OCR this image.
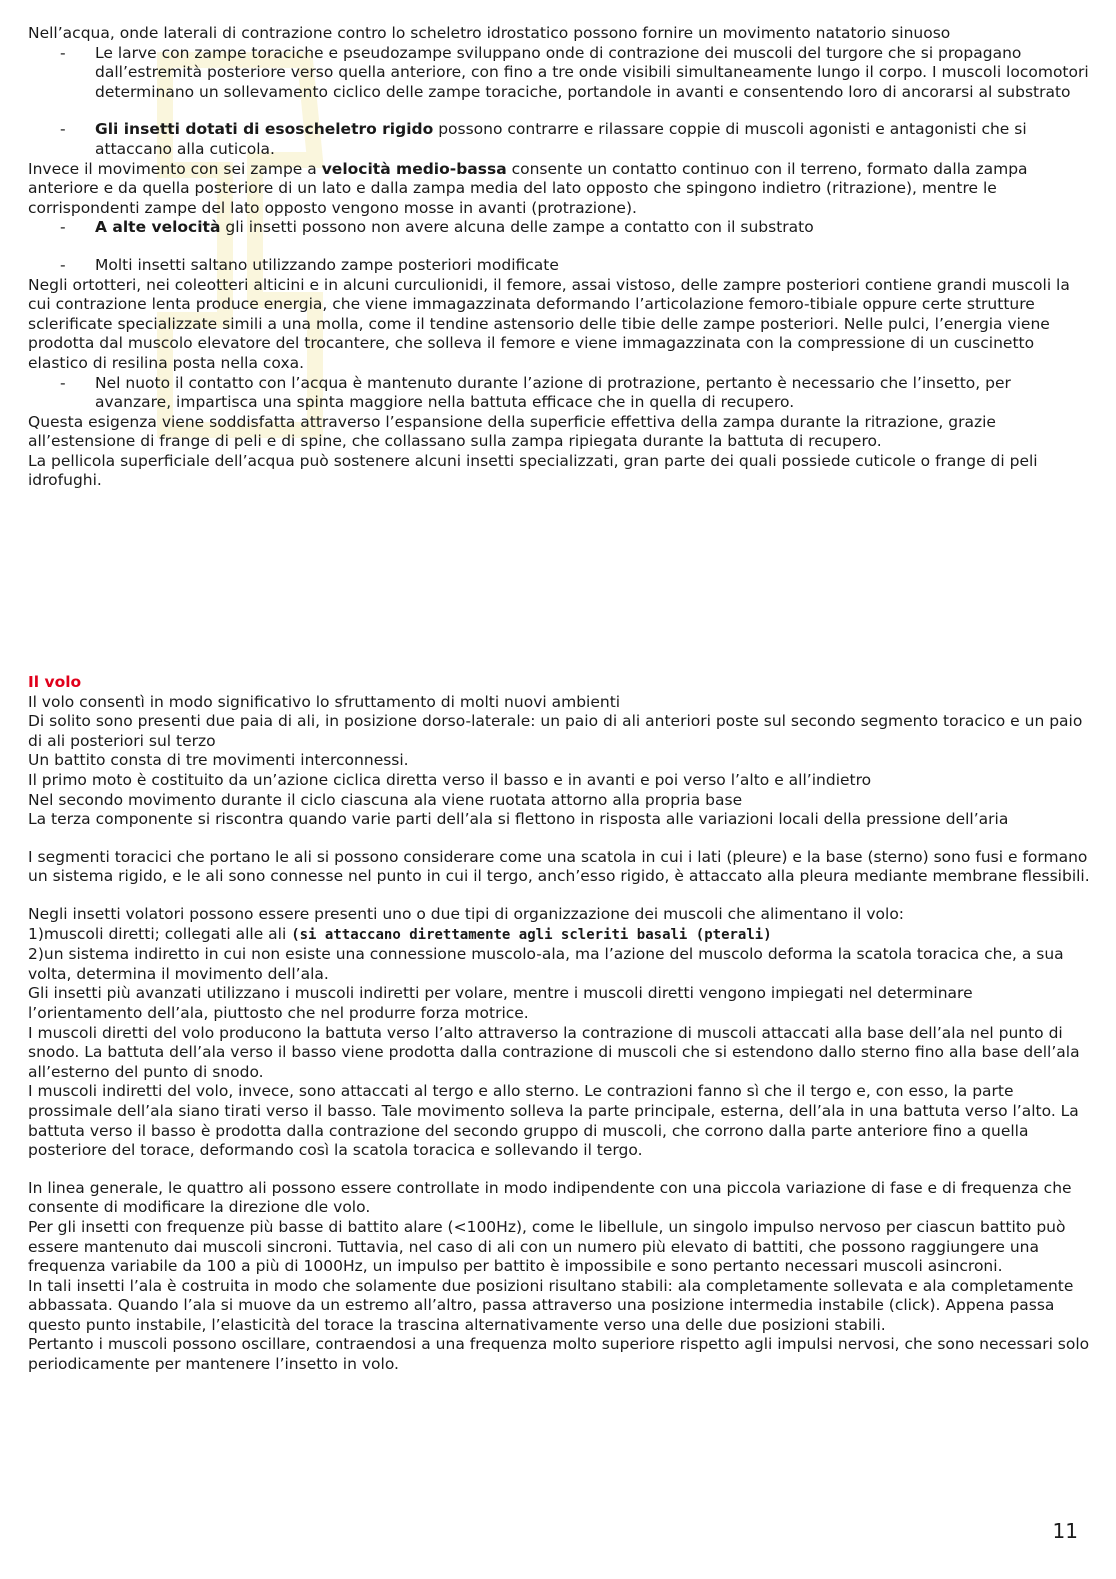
Nell’acqua, onde laterali di contrazione contro lo scheletro idrostatico possono fornire un movimento natatorio sinuoso

- Le larve con zampe toraciche e pseudozampe sviluppano onde di contrazione dei muscoli del turgore che si propagano dall’estremità posteriore verso quella anteriore, con fino a tre onde visibili simultaneamente lungo il corpo. I muscoli locomotori determinano un sollevamento ciclico delle zampe toraciche, portandole in avanti e consentendo loro di ancorarsi al substrato
- Gli insetti dotati di esoscheletro rigido possono contrarre e rilassare coppie di muscoli agonisti e antagonisti che si attaccano alla cuticola.

Invece il movimento con sei zampe a velocità medio-bassa consente un contatto continuo con il terreno, formato dalla zampa anteriore e da quella posteriore di un lato e dalla zampa media del lato opposto che spingono indietro (ritrazione), mentre le corrispondenti zampe del lato opposto vengono mosse in avanti (protrazione).

- A alte velocità gli insetti possono non avere alcuna delle zampe a contatto con il substrato
- Molti insetti saltano utilizzando zampe posteriori modificate

Negli ortotteri, nei coleotteri alticini e in alcuni curculionidi, il femore, assai vistoso, delle zampre posteriori contiene grandi muscoli la cui contrazione lenta produce energia, che viene immagazzinata deformando l’articolazione femoro-tibiale oppure certe strutture sclerificate specializzate simili a una molla, come il tendine astensorio delle tibie delle zampe posteriori. Nelle pulci, l’energia viene prodotta dal muscolo elevatore del trocantere, che solleva il femore e viene immagazzinata con la compressione di un cuscinetto elastico di resilina posta nella coxa.

- Nel nuoto il contatto con l’acqua è mantenuto durante l’azione di protrazione, pertanto è necessario che l’insetto, per avanzare, impartisca una spinta maggiore nella battuta efficace che in quella di recupero.

Questa esigenza viene soddisfatta attraverso l’espansione della superficie effettiva della zampa durante la ritrazione, grazie all’estensione di frange di peli e di spine, che collassano sulla zampa ripiegata durante la battuta di recupero.

La pellicola superficiale dell’acqua può sostenere alcuni insetti specializzati, gran parte dei quali possiede cuticole o frange di peli idrofughi.

Il volo

Il volo consentì in modo significativo lo sfruttamento di molti nuovi ambienti

Di solito sono presenti due paia di ali, in posizione dorso-laterale: un paio di ali anteriori poste sul secondo segmento toracico e un paio di ali posteriori sul terzo

Un battito consta di tre movimenti interconnessi.

Il primo moto è costituito da un’azione ciclica diretta verso il basso e in avanti e poi verso l’alto e all’indietro

Nel secondo movimento durante il ciclo ciascuna ala viene ruotata attorno alla propria base

La terza componente si riscontra quando varie parti dell’ala si flettono in risposta alle variazioni locali della pressione dell’aria

I segmenti toracici che portano le ali si possono considerare come una scatola in cui i lati (pleure) e la base (sterno) sono fusi e formano un sistema rigido, e le ali sono connesse nel punto in cui il tergo, anch’esso rigido, è attaccato alla pleura mediante membrane flessibili.

Negli insetti volatori possono essere presenti uno o due tipi di organizzazione dei muscoli che alimentano il volo:

1)muscoli diretti; collegati alle ali (si attaccano direttamente agli scleriti basali (pterali)

2)un sistema indiretto in cui non esiste una connessione muscolo-ala, ma l’azione del muscolo deforma la scatola toracica che, a sua volta, determina il movimento dell’ala.

Gli insetti più avanzati utilizzano i muscoli indiretti per volare, mentre i muscoli diretti vengono impiegati nel determinare l’orientamento dell’ala, piuttosto che nel produrre forza motrice.

I muscoli diretti del volo producono la battuta verso l’alto attraverso la contrazione di muscoli attaccati alla base dell’ala nel punto di snodo. La battuta dell’ala verso il basso viene prodotta dalla contrazione di muscoli che si estendono dallo sterno fino alla base dell’ala all’esterno del punto di snodo.

I muscoli indiretti del volo, invece, sono attaccati al tergo e allo sterno. Le contrazioni fanno sì che il tergo e, con esso, la parte prossimale dell’ala siano tirati verso il basso. Tale movimento solleva la parte principale, esterna, dell’ala in una battuta verso l’alto. La battuta verso il basso è prodotta dalla contrazione del secondo gruppo di muscoli, che corrono dalla parte anteriore fino a quella posteriore del torace, deformando così la scatola toracica e sollevando il tergo.

In linea generale, le quattro ali possono essere controllate in modo indipendente con una piccola variazione di fase e di frequenza che consente di modificare la direzione dle volo.

Per gli insetti con frequenze più basse di battito alare (<100Hz), come le libellule, un singolo impulso nervoso per ciascun battito può essere mantenuto dai muscoli sincroni. Tuttavia, nel caso di ali con un numero più elevato di battiti, che possono raggiungere una frequenza variabile da 100 a più di 1000Hz, un impulso per battito è impossibile e sono pertanto necessari muscoli asincroni.

In tali insetti l’ala è costruita in modo che solamente due posizioni risultano stabili: ala completamente sollevata e ala completamente abbassata. Quando l’ala si muove da un estremo all’altro, passa attraverso una posizione intermedia instabile (click). Appena passa questo punto instabile, l’elasticità del torace la trascina alternativamente verso una delle due posizioni stabili.

Pertanto i muscoli possono oscillare, contraendosi a una frequenza molto superiore rispetto agli impulsi nervosi, che sono necessari solo periodicamente per mantenere l’insetto in volo.

11
